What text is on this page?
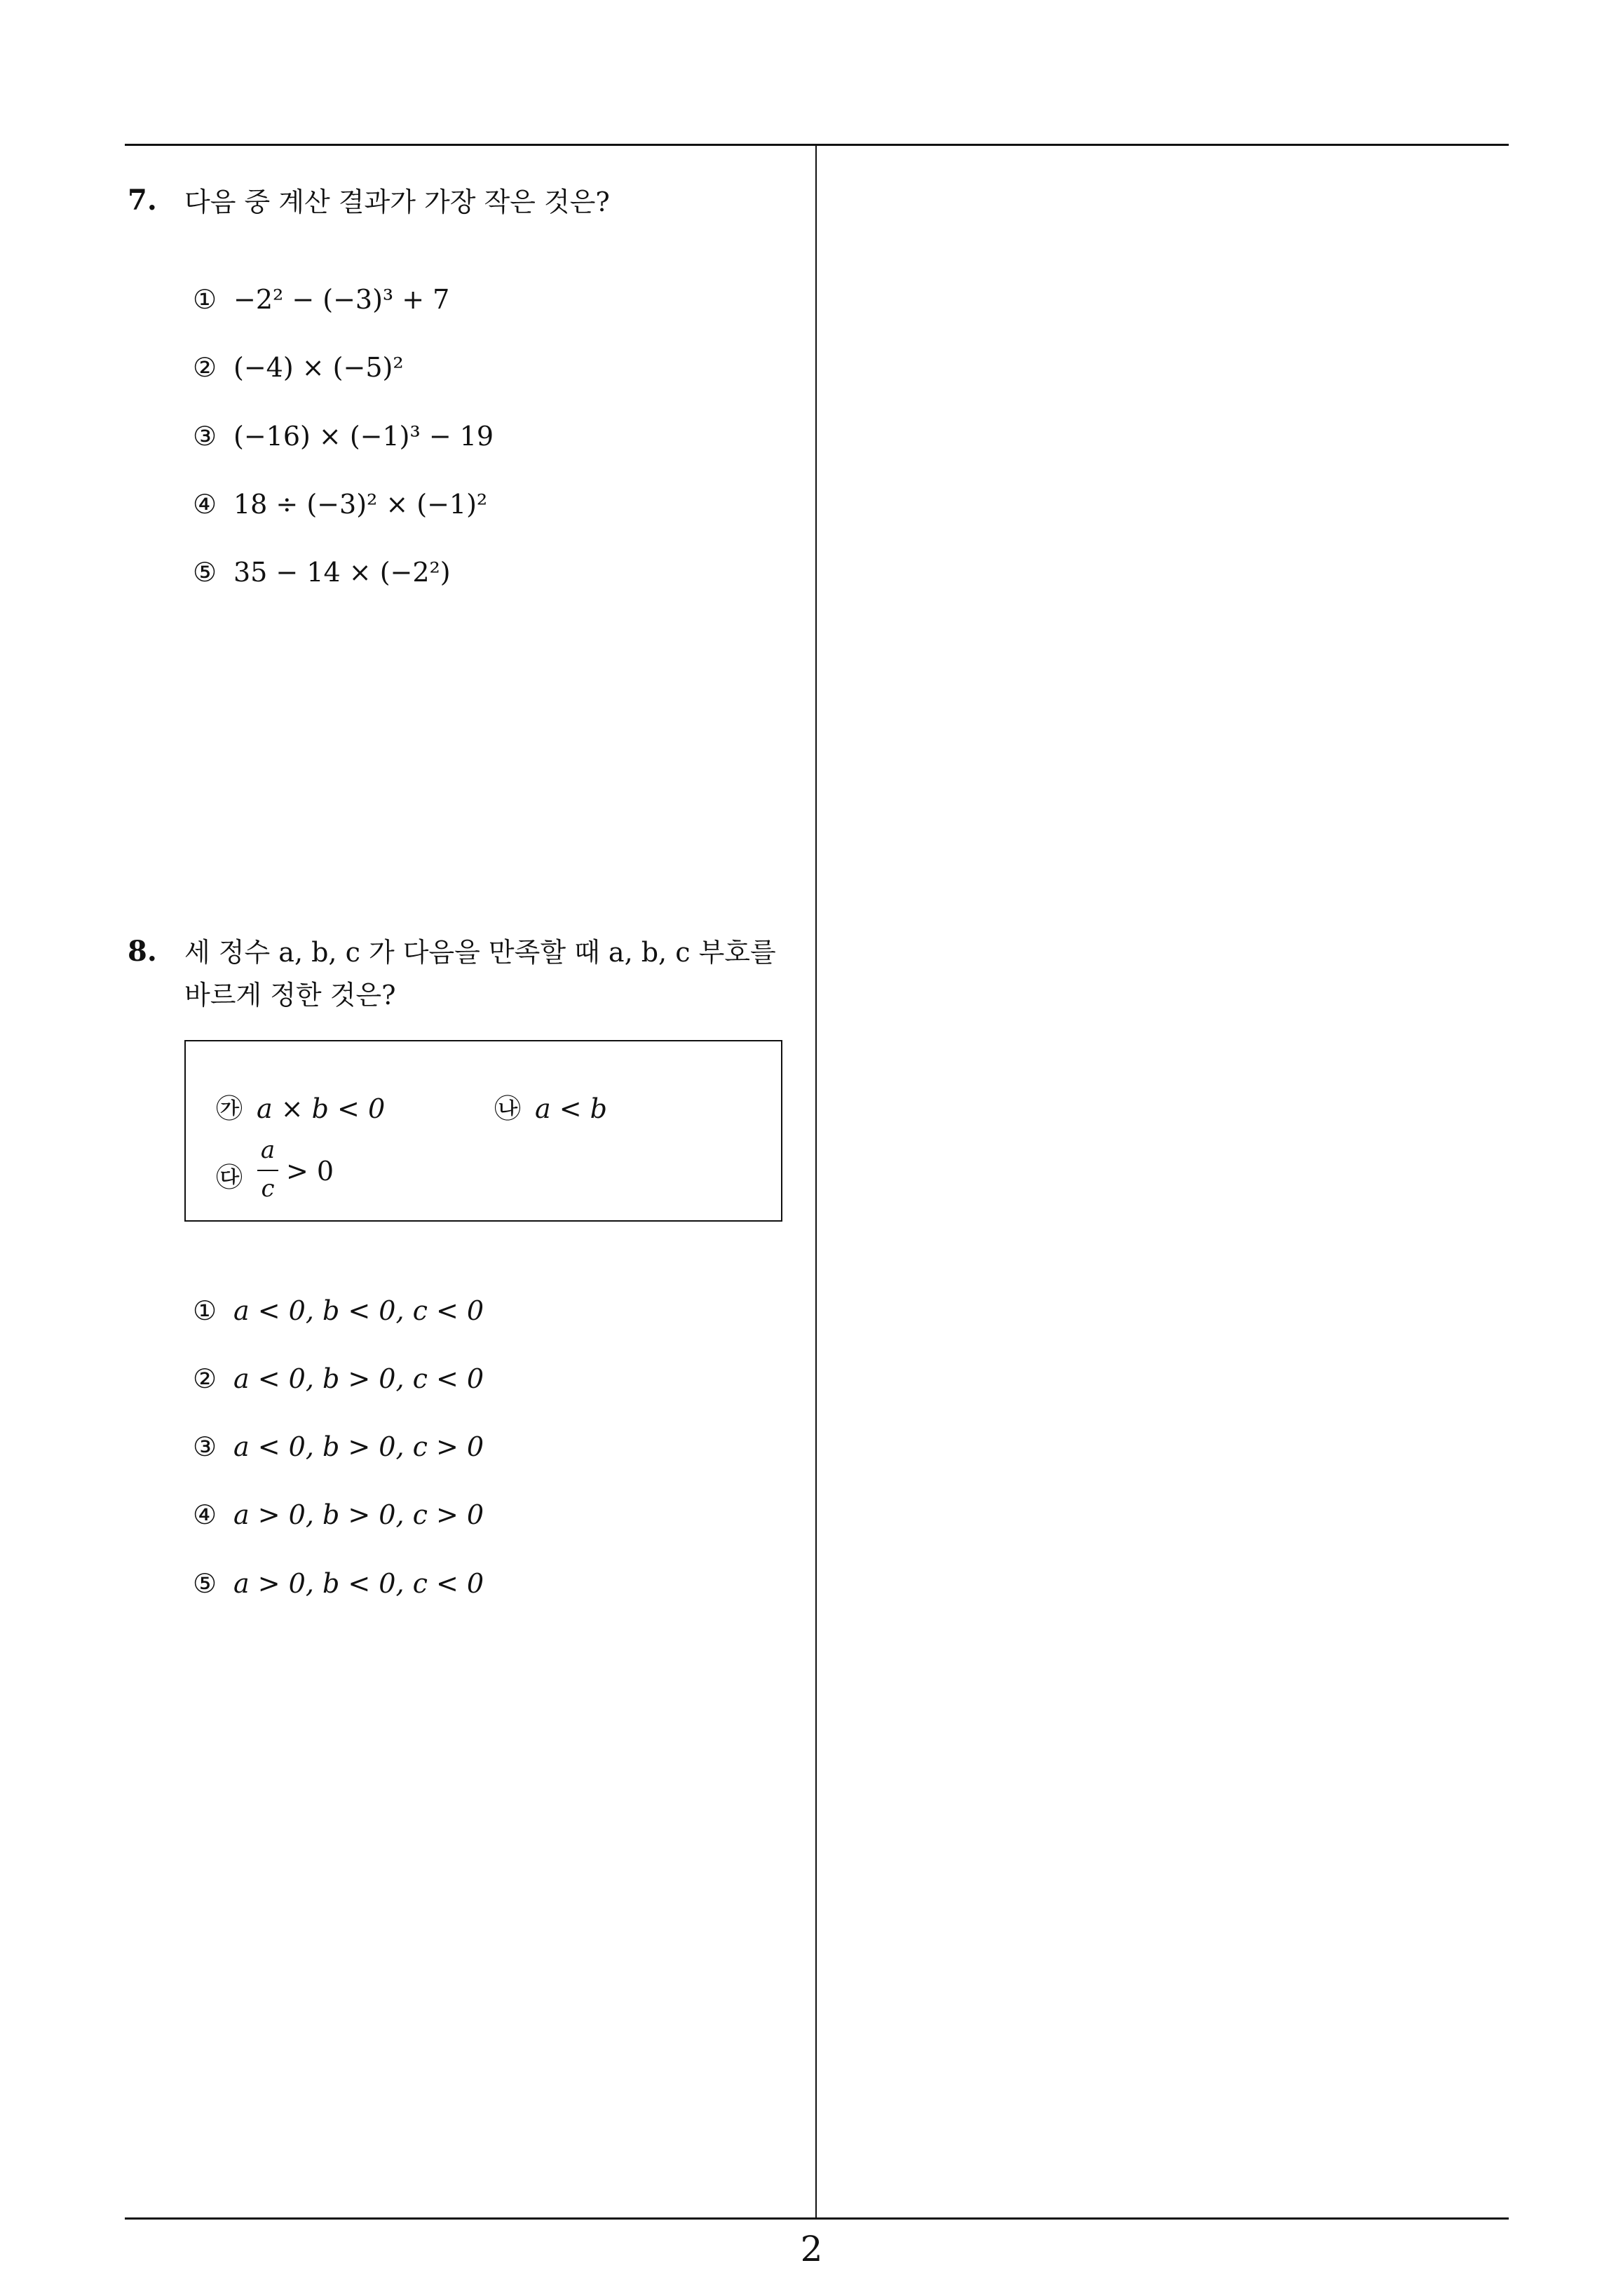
7. 다음 중 계산 결과가 가장 작은 것은?
① −2² − (−3)³ + 7
② (−4) × (−5)²
③ (−16) × (−1)³ − 19
④ 18 ÷ (−3)² × (−1)²
⑤ 35 − 14 × (−2²)
8. 세 정수 a, b, c 가 다음을 만족할 때 a, b, c 부호를
바르게 정한 것은?
㉮ a × b < 0	㉯ a < b
㉰
a
c
> 0
① a < 0, b < 0, c < 0
② a < 0, b > 0, c < 0
③ a < 0, b > 0, c > 0
④ a > 0, b > 0, c > 0
⑤ a > 0, b < 0, c < 0
2
